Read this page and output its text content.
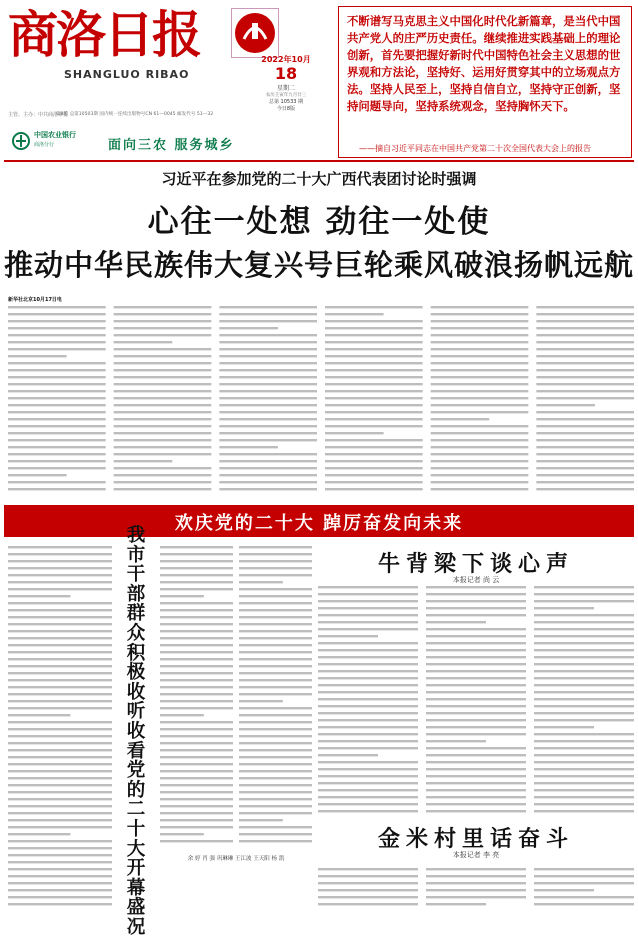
商洛日报
SHANGLUO RIBAO
主管、主办：中共商洛市委
第8版 总第10503期 国内统一连续出版物号CN 61—0045 邮发代号 51—32
2022年10月
18
星期二
农历壬寅年九月廿三
总第 10533 期
今日8版
中国农业银行
商洛分行	面向三农 服务城乡
不断谱写马克思主义中国化时代化新篇章，是当代中国共产党人的庄严历史责任。继续推进实践基础上的理论创新，首先要把握好新时代中国特色社会主义思想的世界观和方法论，坚持好、运用好贯穿其中的立场观点方法。坚持人民至上，坚持自信自立，坚持守正创新，坚持问题导向，坚持系统观念，坚持胸怀天下。
——摘自习近平同志在中国共产党第二十次全国代表大会上的报告
习近平在参加党的二十大广西代表团讨论时强调
心往一处想 劲往一处使
推动中华民族伟大复兴号巨轮乘风破浪扬帆远航
新华社北京10月17日电
欢庆党的二十大 踔厉奋发向未来
我市干部群众积极收听收看党的二十大开幕盛况
余 婷 肖 强 巩琳琳 王江波 王天阳 杨 凯
牛背梁下谈心声
本报记者 尚 云
金米村里话奋斗
本报记者 李 亮
